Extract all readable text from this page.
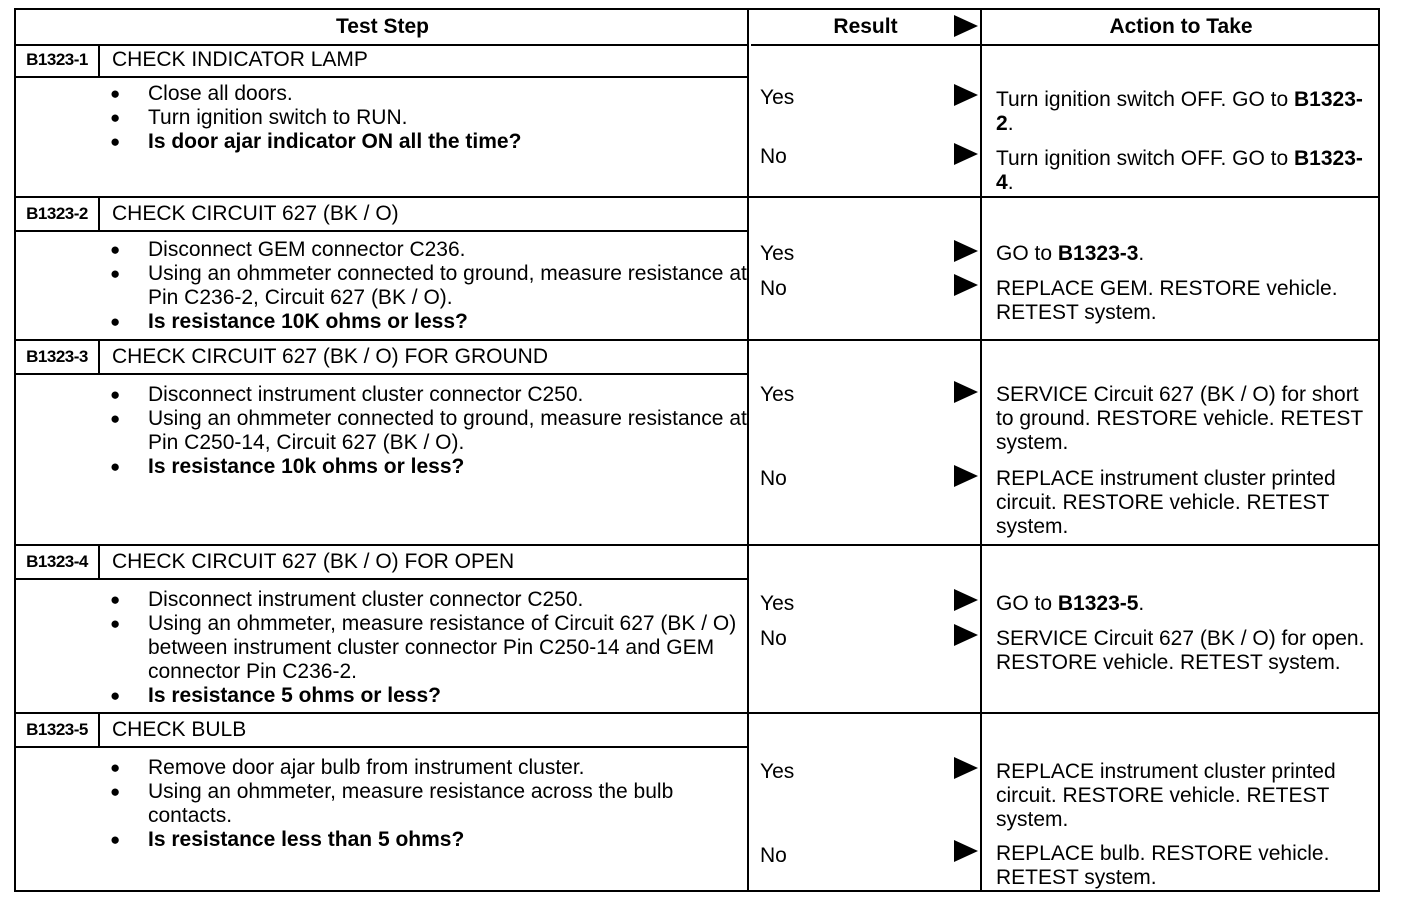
Test Step	Result	Action to Take
B1323-1	CHECK INDICATOR LAMP
● Close all doors.
● Turn ignition switch to RUN.
● Is door ajar indicator ON all the time?
Yes	Turn ignition switch OFF. GO to B1323-2.
No	Turn ignition switch OFF. GO to B1323-4.
B1323-2	CHECK CIRCUIT 627 (BK / O)
● Disconnect GEM connector C236.
● Using an ohmmeter connected to ground, measure resistance at Pin C236-2, Circuit 627 (BK / O).
● Is resistance 10K ohms or less?
Yes	GO to B1323-3.
No	REPLACE GEM. RESTORE vehicle. RETEST system.
B1323-3	CHECK CIRCUIT 627 (BK / O) FOR GROUND
● Disconnect instrument cluster connector C250.
● Using an ohmmeter connected to ground, measure resistance at Pin C250-14, Circuit 627 (BK / O).
● Is resistance 10k ohms or less?
Yes	SERVICE Circuit 627 (BK / O) for short to ground. RESTORE vehicle. RETEST system.
No	REPLACE instrument cluster printed circuit. RESTORE vehicle. RETEST system.
B1323-4	CHECK CIRCUIT 627 (BK / O) FOR OPEN
● Disconnect instrument cluster connector C250.
● Using an ohmmeter, measure resistance of Circuit 627 (BK / O) between instrument cluster connector Pin C250-14 and GEM connector Pin C236-2.
● Is resistance 5 ohms or less?
Yes	GO to B1323-5.
No	SERVICE Circuit 627 (BK / O) for open. RESTORE vehicle. RETEST system.
B1323-5	CHECK BULB
● Remove door ajar bulb from instrument cluster.
● Using an ohmmeter, measure resistance across the bulb contacts.
● Is resistance less than 5 ohms?
Yes	REPLACE instrument cluster printed circuit. RESTORE vehicle. RETEST system.
No	REPLACE bulb. RESTORE vehicle. RETEST system.
